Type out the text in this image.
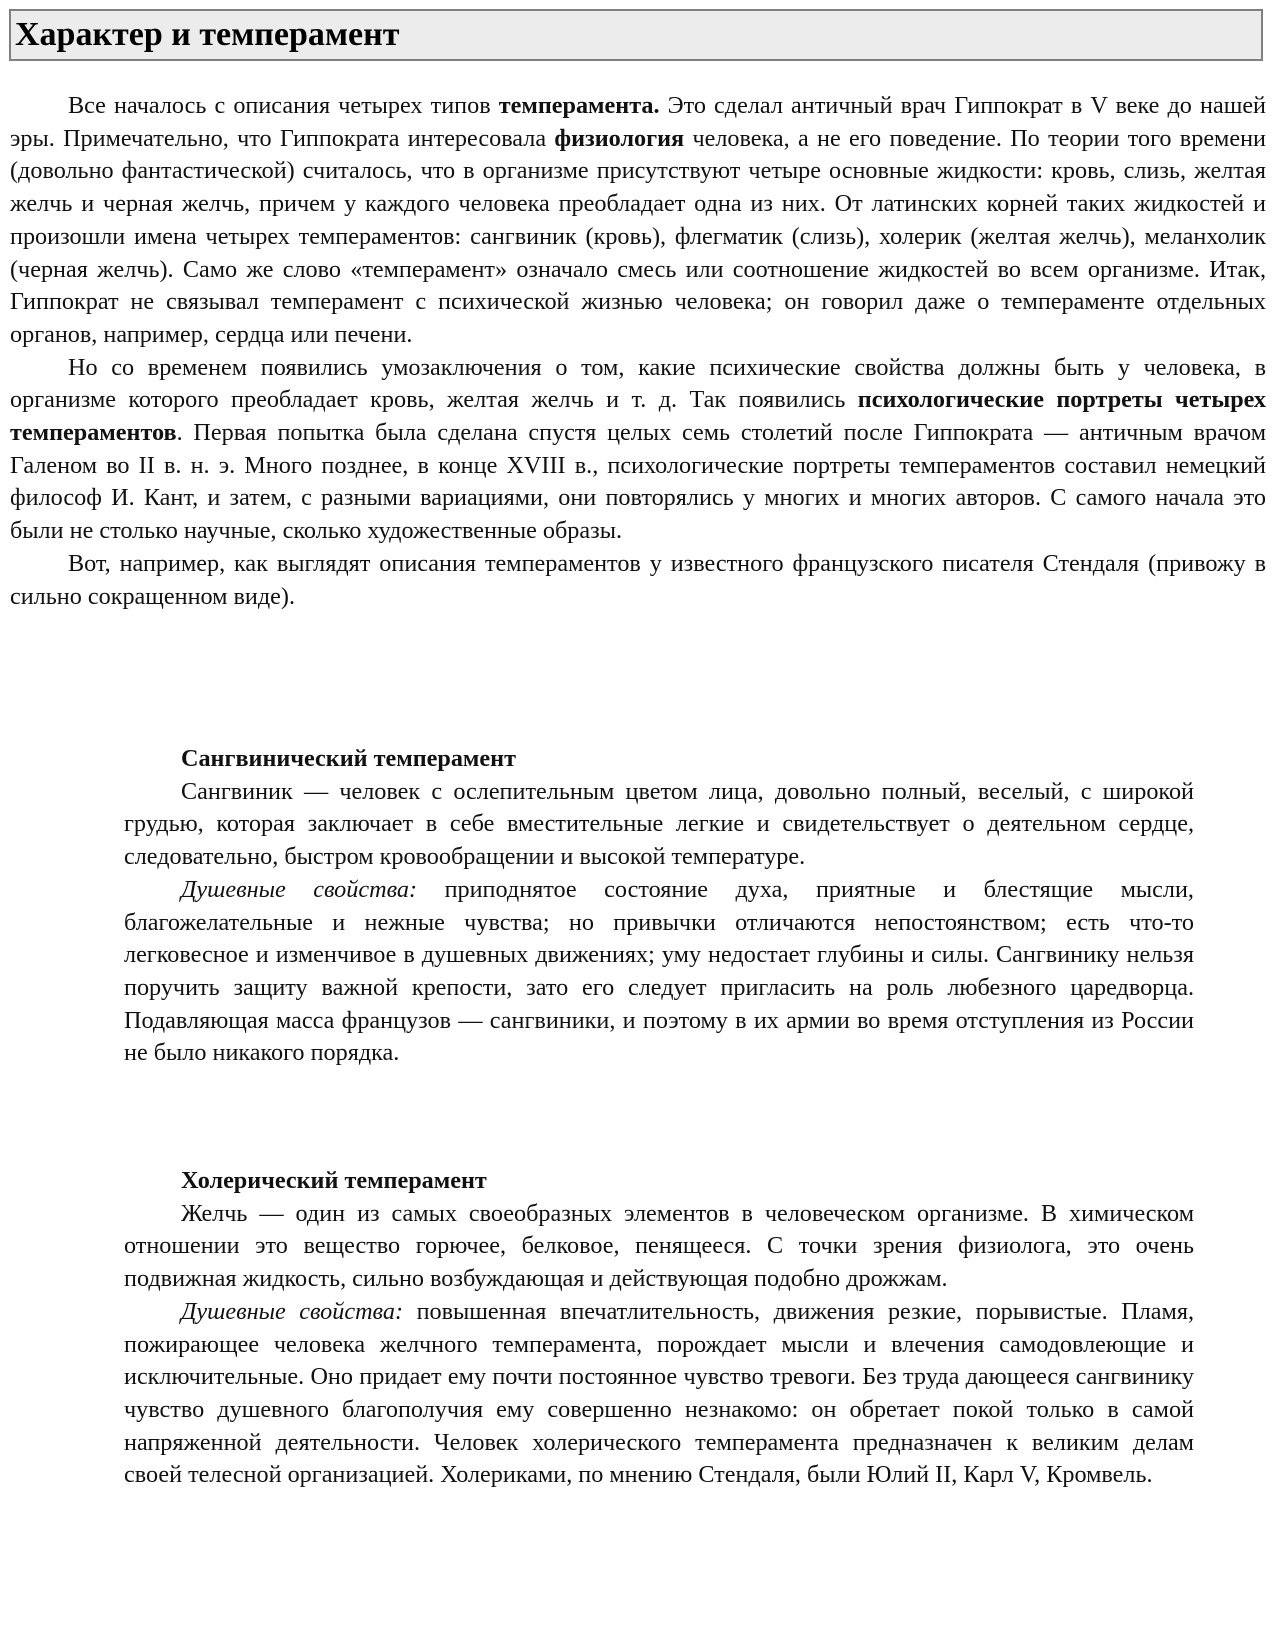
Характер и темперамент

Все началось с описания четырех типов темперамента. Это сделал античный врач Гиппократ в V веке до нашей эры. Примечательно, что Гиппократа интересовала физиология человека, а не его поведение. По теории того времени (довольно фантастической) считалось, что в организме присутствуют четыре основные жидкости: кровь, слизь, желтая желчь и черная желчь, причем у каждого человека преобладает одна из них. От латинских корней таких жидкостей и произошли имена четырех темпераментов: сангвиник (кровь), флегматик (слизь), холерик (желтая желчь), меланхолик (черная желчь). Само же слово «темперамент» означало смесь или соотношение жидкостей во всем организме. Итак, Гиппократ не связывал темперамент с психической жизнью человека; он говорил даже о темпераменте отдельных органов, например, сердца или печени.

Но со временем появились умозаключения о том, какие психические свойства должны быть у человека, в организме которого преобладает кровь, желтая желчь и т. д. Так появились психологические портреты четырех темпераментов. Первая попытка была сделана спустя целых семь столетий после Гиппократа — античным врачом Галеном во II в. н. э. Много позднее, в конце XVIII в., психологические портреты темпераментов составил немецкий философ И. Кант, и затем, с разными вариациями, они повторялись у многих и многих авторов. С самого начала это были не столько научные, сколько художественные образы.

Вот, например, как выглядят описания темпераментов у известного французского писателя Стендаля (привожу в сильно сокращенном виде).

Сангвинический темперамент

Сангвиник — человек с ослепительным цветом лица, довольно полный, веселый, с широкой грудью, которая заключает в себе вместительные легкие и свидетельствует о деятельном сердце, следовательно, быстром кровообращении и высокой температуре.

Душевные свойства: приподнятое состояние духа, приятные и блестящие мысли, благожелательные и нежные чувства; но привычки отличаются непостоянством; есть что-то легковесное и изменчивое в душевных движениях; уму недостает глубины и силы. Сангвинику нельзя поручить защиту важной крепости, зато его следует пригласить на роль любезного царедворца. Подавляющая масса французов — сангвиники, и поэтому в их армии во время отступления из России не было никакого порядка.

Холерический темперамент

Желчь — один из самых своеобразных элементов в человеческом организме. В химическом отношении это вещество горючее, белковое, пенящееся. С точки зрения физиолога, это очень подвижная жидкость, сильно возбуждающая и действующая подобно дрожжам.

Душевные свойства: повышенная впечатлительность, движения резкие, порывистые. Пламя, пожирающее человека желчного темперамента, порождает мысли и влечения самодовлеющие и исключительные. Оно придает ему почти постоянное чувство тревоги. Без труда дающееся сангвинику чувство душевного благополучия ему совершенно незнакомо: он обретает покой только в самой напряженной деятельности. Человек холерического темперамента предназначен к великим делам своей телесной организацией. Холериками, по мнению Стендаля, были Юлий II, Карл V, Кромвель.
